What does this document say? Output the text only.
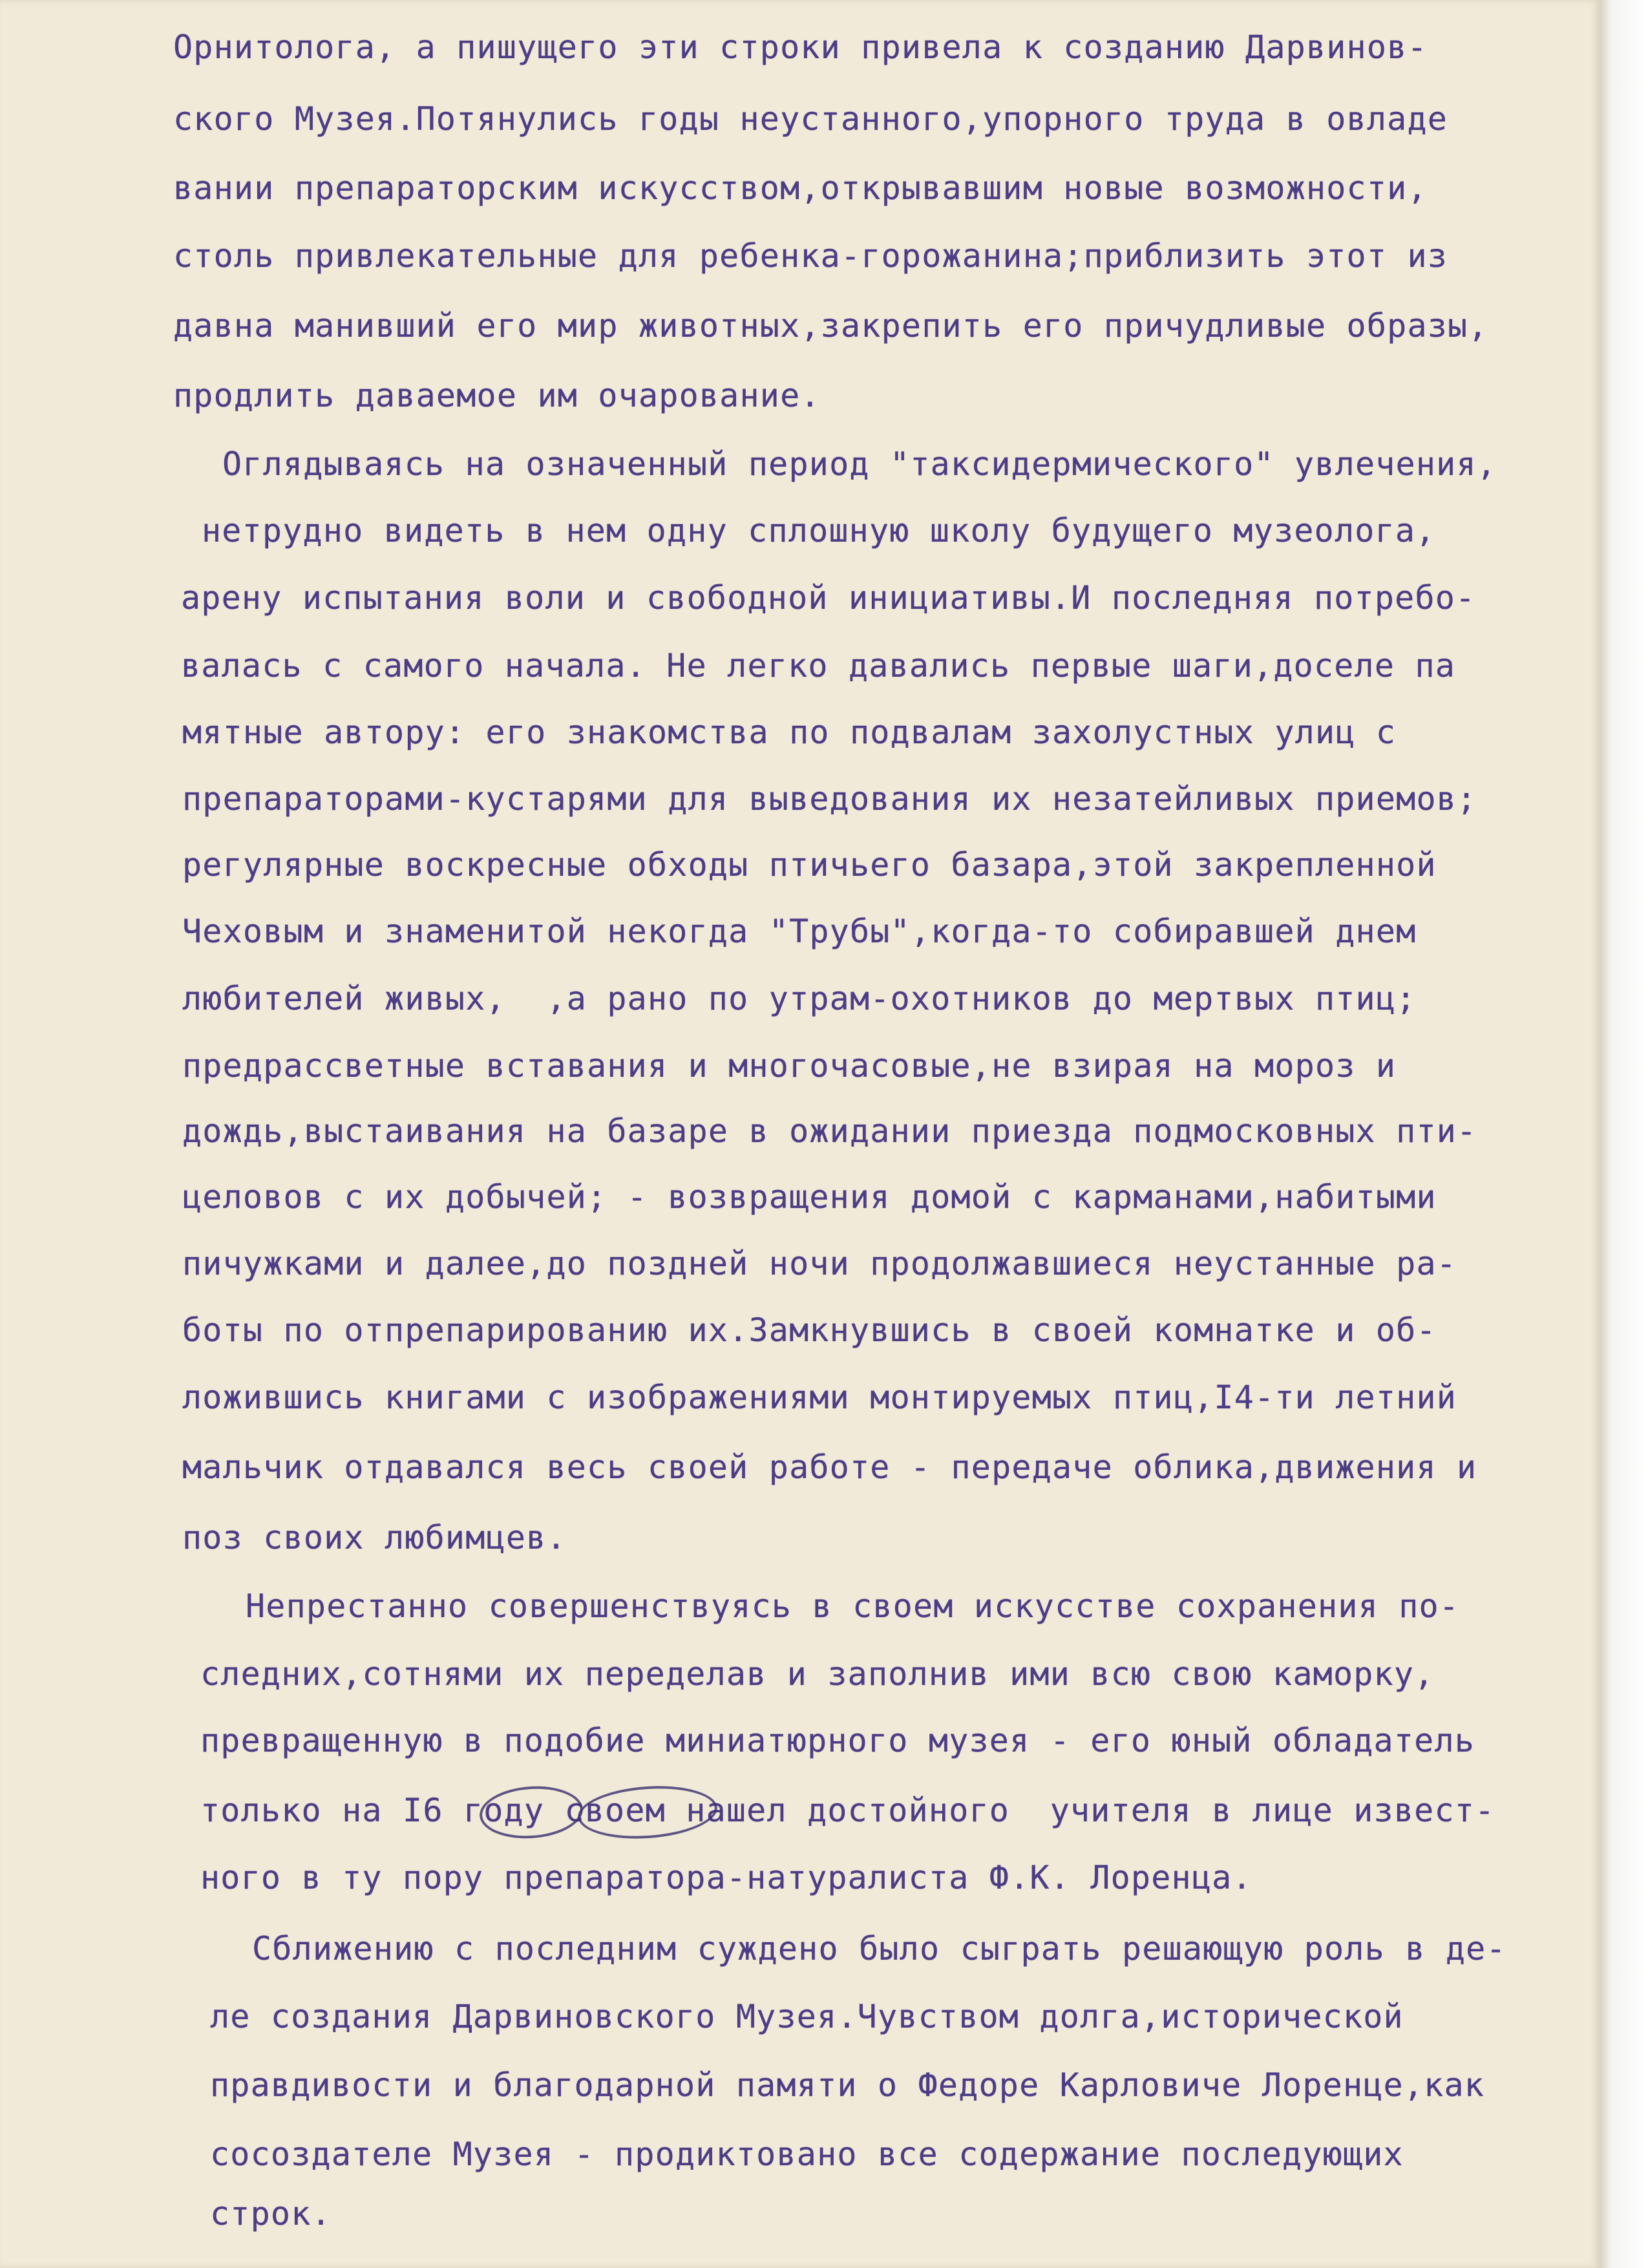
Орнитолога, а пишущего эти строки привела к созданию Дарвинов-
ского Музея.Потянулись годы неустанного,упорного труда в овладе
вании препараторским искусством,открывавшим новые возможности,
столь привлекательные для ребенка-горожанина;приблизить этот из
давна манивший его мир животных,закрепить его причудливые образы,
продлить даваемое им очарование.
Оглядываясь на означенный период "таксидермического" увлечения,
нетрудно видеть в нем одну сплошную школу будущего музеолога,
арену испытания воли и свободной инициативы.И последняя потребо-
валась с самого начала. Не легко давались первые шаги,доселе па
мятные автору: его знакомства по подвалам захолустных улиц с
препараторами-кустарями для выведования их незатейливых приемов;
регулярные воскресные обходы птичьего базара,этой закрепленной
Чеховым и знаменитой некогда "Трубы",когда-то собиравшей днем
любителей живых,  ,а рано по утрам-охотников до мертвых птиц;
предрассветные вставания и многочасовые,не взирая на мороз и
дождь,выстаивания на базаре в ожидании приезда подмосковных пти-
целовов с их добычей; - возвращения домой с карманами,набитыми
пичужками и далее,до поздней ночи продолжавшиеся неустанные ра-
боты по отпрепарированию их.Замкнувшись в своей комнатке и об-
ложившись книгами с изображениями монтируемых птиц,I4-ти летний
мальчик отдавался весь своей работе - передаче облика,движения и
поз своих любимцев.
Непрестанно совершенствуясь в своем искусстве сохранения по-
следних,сотнями их переделав и заполнив ими всю свою каморку,
превращенную в подобие миниатюрного музея - его юный обладатель
только на I6 году своем нашел достойного  учителя в лице извест-
ного в ту пору препаратора-натуралиста Ф.К. Лоренца.
Сближению с последним суждено было сыграть решающую роль в де-
ле создания Дарвиновского Музея.Чувством долга,исторической
правдивости и благодарной памяти о Федоре Карловиче Лоренце,как
сосоздателе Музея - продиктовано все содержание последующих
строк.
